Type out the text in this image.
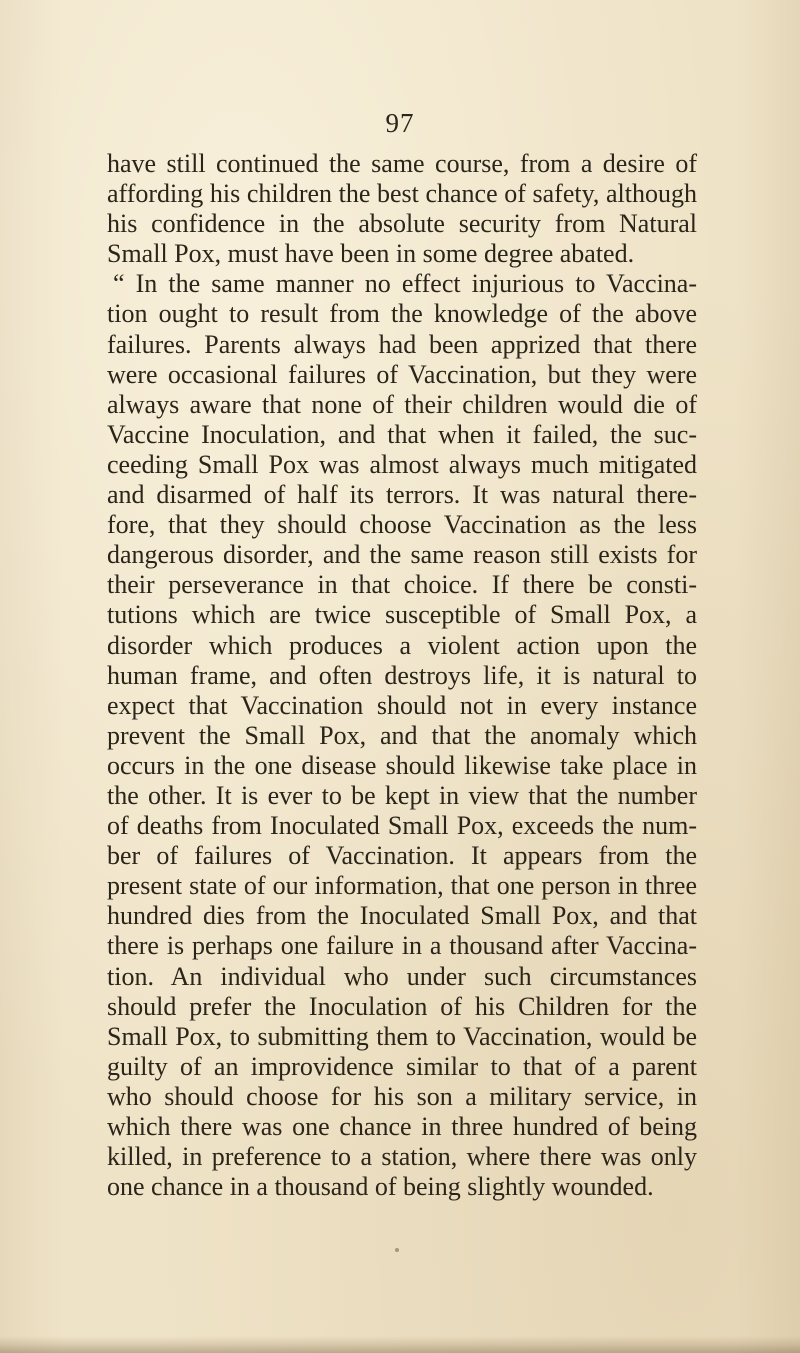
97
have still continued the same course, from a desire of
affording his children the best chance of safety, although
his confidence in the absolute security from Natural
Small Pox, must have been in some degree abated.
“ In the same manner no effect injurious to Vaccina-
tion ought to result from the knowledge of the above
failures. Parents always had been apprized that there
were occasional failures of Vaccination, but they were
always aware that none of their children would die of
Vaccine Inoculation, and that when it failed, the suc-
ceeding Small Pox was almost always much mitigated
and disarmed of half its terrors. It was natural there-
fore, that they should choose Vaccination as the less
dangerous disorder, and the same reason still exists for
their perseverance in that choice. If there be consti-
tutions which are twice susceptible of Small Pox, a
disorder which produces a violent action upon the
human frame, and often destroys life, it is natural to
expect that Vaccination should not in every instance
prevent the Small Pox, and that the anomaly which
occurs in the one disease should likewise take place in
the other. It is ever to be kept in view that the number
of deaths from Inoculated Small Pox, exceeds the num-
ber of failures of Vaccination. It appears from the
present state of our information, that one person in three
hundred dies from the Inoculated Small Pox, and that
there is perhaps one failure in a thousand after Vaccina-
tion. An individual who under such circumstances
should prefer the Inoculation of his Children for the
Small Pox, to submitting them to Vaccination, would be
guilty of an improvidence similar to that of a parent
who should choose for his son a military service, in
which there was one chance in three hundred of being
killed, in preference to a station, where there was only
one chance in a thousand of being slightly wounded.
